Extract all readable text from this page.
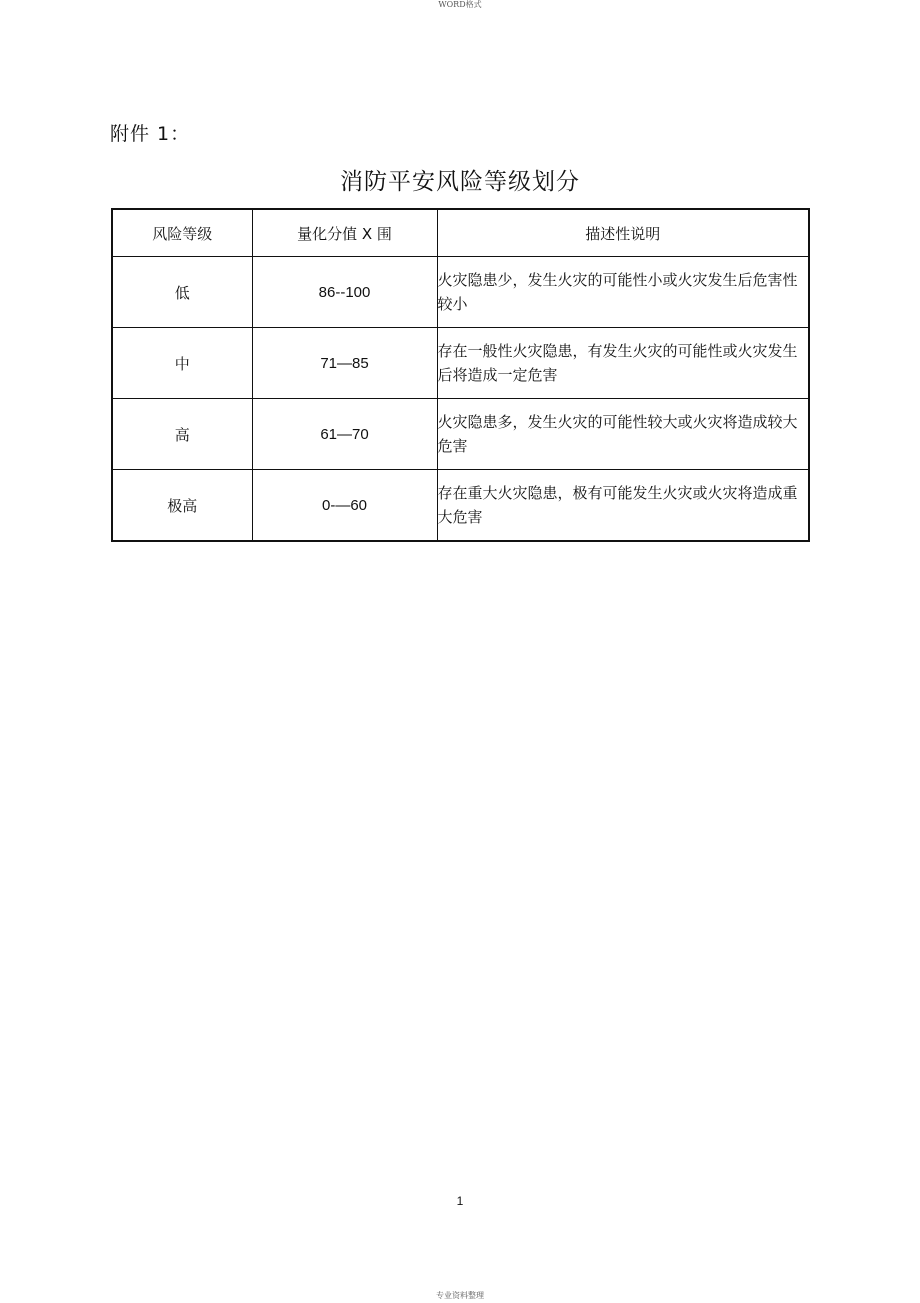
WORD格式
附件 1：
消防平安风险等级划分
风险等级	量化分值 X 围	描述性说明
低	86--100	火灾隐患少，发生火灾的可能性小或火灾发生后危害性较小
中	71—85	存在一般性火灾隐患，有发生火灾的可能性或火灾发生后将造成一定危害
高	61—70	火灾隐患多，发生火灾的可能性较大或火灾将造成较大危害
极高	0-—60	存在重大火灾隐患，极有可能发生火灾或火灾将造成重大危害
1
专业资料整理
